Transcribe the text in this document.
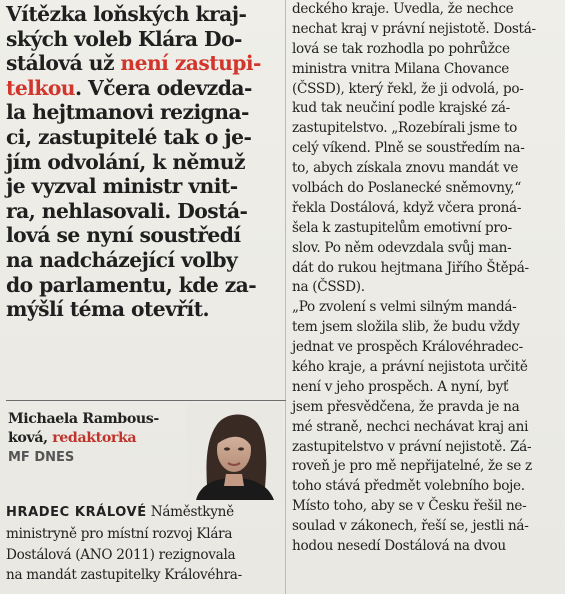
Vítězka loňských kraj-
ských voleb Klára Do-
stálová už není zastupi-
telkou. Včera odevzda-
la hejtmanovi rezigna-
ci, zastupitelé tak o je-
jím odvolání, k němuž
je vyzval ministr vnit-
ra, nehlasovali. Dostá-
lová se nyní soustředí
na nadcházející volby
do parlamentu, kde za-
mýšlí téma otevřít.

Michaela Rambous-
ková, redaktorka
MF DNES
HRADEC KRÁLOVÉ Náměstkyně
ministryně pro místní rozvoj Klára
Dostálová (ANO 2011) rezignovala
na mandát zastupitelky Královéhra-
deckého kraje. Uvedla, že nechce
nechat kraj v právní nejistotě. Dostá-
lová se tak rozhodla po pohrůžce
ministra vnitra Milana Chovance
(ČSSD), který řekl, že ji odvolá, po-
kud tak neučiní podle krajské zá-
zastupitelstvo. „Rozebírali jsme to
celý víkend. Plně se soustředím na-
to, abych získala znovu mandát ve
volbách do Poslanecké sněmovny,“
řekla Dostálová, když včera proná-
šela k zastupitelům emotivní pro-
slov. Po něm odevzdala svůj man-
dát do rukou hejtmana Jiřího Štěpá-
na (ČSSD).
„Po zvolení s velmi silným mandá-
tem jsem složila slib, že budu vždy
jednat ve prospěch Královéhradec-
kého kraje, a právní nejistota určitě
není v jeho prospěch. A nyní, byť
jsem přesvědčena, že pravda je na
mé straně, nechci nechávat kraj ani
zastupitelstvo v právní nejistotě. Zá-
roveň je pro mě nepřijatelné, že se z
toho stává předmět volebního boje.
Místo toho, aby se v Česku řešil ne-
soulad v zákonech, řeší se, jestli ná-
hodou nesedí Dostálová na dvou
